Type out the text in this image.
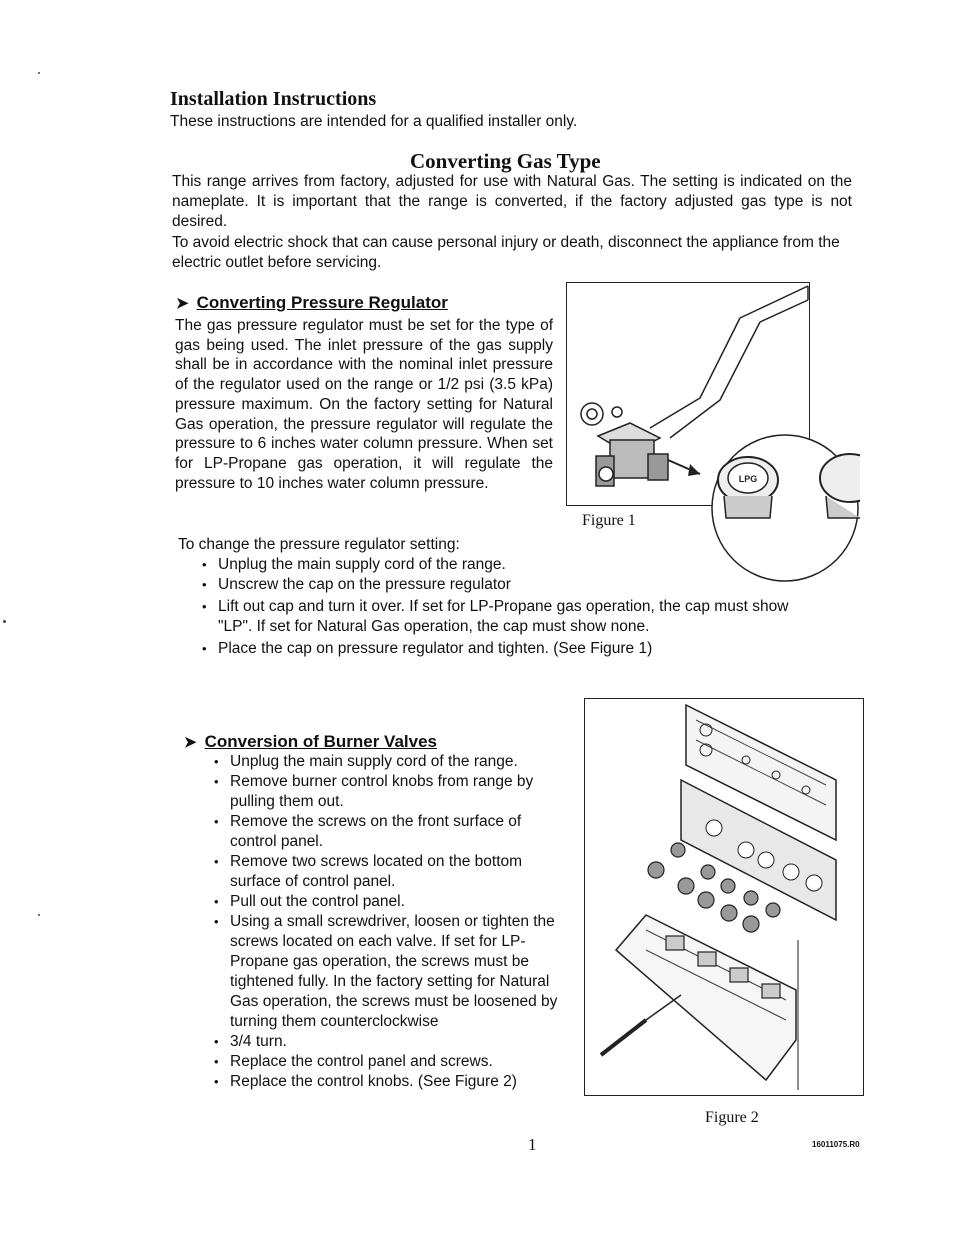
Installation Instructions
These instructions are intended for a qualified installer only.
Converting Gas Type
This range arrives from factory, adjusted for use with Natural Gas. The setting is indicated on the nameplate. It is important that the range is converted, if the factory adjusted gas type is not desired.
To avoid electric shock that can cause personal injury or death, disconnect the appliance from the electric outlet before servicing.
➤ Converting Pressure Regulator
The gas pressure regulator must be set for the type of gas being used. The inlet pressure of the gas supply shall be in accordance with the nominal inlet pressure of the regulator used on the range or 1/2 psi (3.5 kPa) pressure maximum. On the factory setting for Natural Gas operation, the pressure regulator will regulate the pressure to 6 inches water column pressure. When set for LP-Propane gas operation, it will regulate the pressure to 10 inches water column pressure.
To change the pressure regulator setting:
• Unplug the main supply cord of the range.
• Unscrew the cap on the pressure regulator
• Lift out cap and turn it over. If set for LP-Propane gas operation, the cap must show "LP". If set for Natural Gas operation, the cap must show none.
• Place the cap on pressure regulator and tighten. (See Figure 1)
LPG
Figure 1
➤ Conversion of Burner Valves
• Unplug the main supply cord of the range.
• Remove burner control knobs from range by pulling them out.
• Remove the screws on the front surface of control panel.
• Remove two screws located on the bottom surface of control panel.
• Pull out the control panel.
• Using a small screwdriver, loosen or tighten the screws located on each valve. If set for LP-Propane gas operation, the screws must be tightened fully. In the factory setting for Natural Gas operation, the screws must be loosened by turning them counterclockwise
• 3/4 turn.
• Replace the control panel and screws.
• Replace the control knobs. (See Figure 2)
Figure 2
1	16011075.R0
